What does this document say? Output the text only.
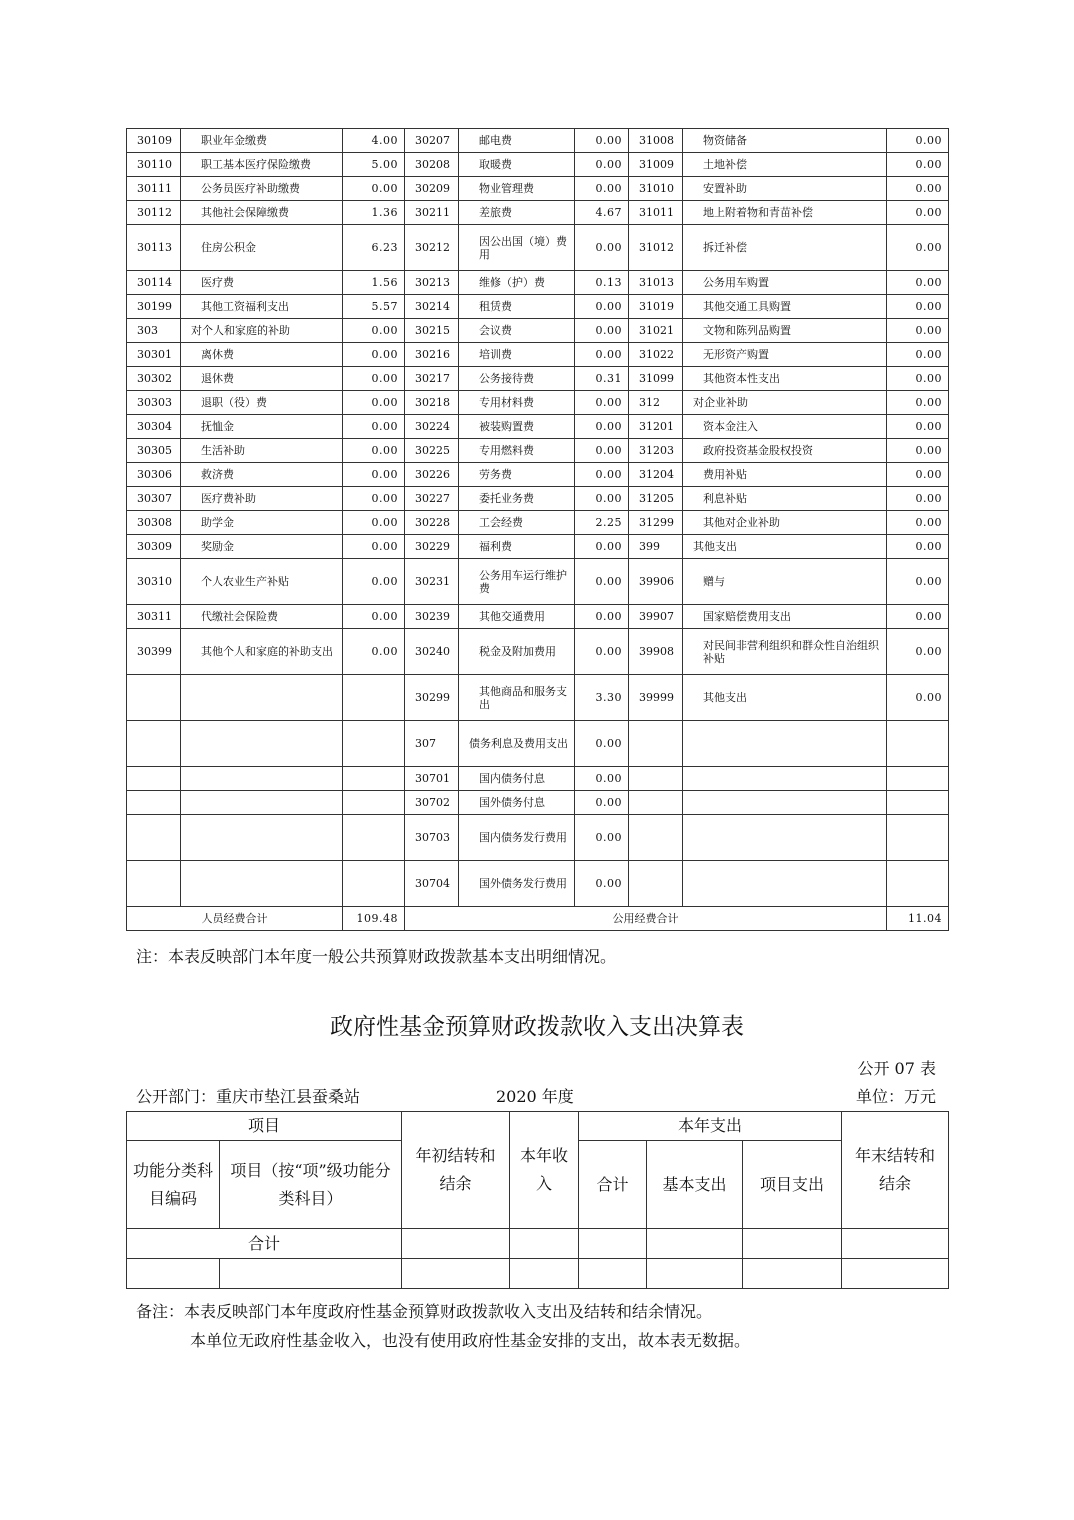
30109	职业年金缴费	4.00	30207	邮电费	0.00	31008	物资储备	0.00
30110	职工基本医疗保险缴费	5.00	30208	取暖费	0.00	31009	土地补偿	0.00
30111	公务员医疗补助缴费	0.00	30209	物业管理费	0.00	31010	安置补助	0.00
30112	其他社会保障缴费	1.36	30211	差旅费	4.67	31011	地上附着物和青苗补偿	0.00
30113	住房公积金	6.23	30212	因公出国（境）费用	0.00	31012	拆迁补偿	0.00
30114	医疗费	1.56	30213	维修（护）费	0.13	31013	公务用车购置	0.00
30199	其他工资福利支出	5.57	30214	租赁费	0.00	31019	其他交通工具购置	0.00
303	对个人和家庭的补助	0.00	30215	会议费	0.00	31021	文物和陈列品购置	0.00
30301	离休费	0.00	30216	培训费	0.00	31022	无形资产购置	0.00
30302	退休费	0.00	30217	公务接待费	0.31	31099	其他资本性支出	0.00
30303	退职（役）费	0.00	30218	专用材料费	0.00	312	对企业补助	0.00
30304	抚恤金	0.00	30224	被装购置费	0.00	31201	资本金注入	0.00
30305	生活补助	0.00	30225	专用燃料费	0.00	31203	政府投资基金股权投资	0.00
30306	救济费	0.00	30226	劳务费	0.00	31204	费用补贴	0.00
30307	医疗费补助	0.00	30227	委托业务费	0.00	31205	利息补贴	0.00
30308	助学金	0.00	30228	工会经费	2.25	31299	其他对企业补助	0.00
30309	奖励金	0.00	30229	福利费	0.00	399	其他支出	0.00
30310	个人农业生产补贴	0.00	30231	公务用车运行维护费	0.00	39906	赠与	0.00
30311	代缴社会保险费	0.00	30239	其他交通费用	0.00	39907	国家赔偿费用支出	0.00
30399	其他个人和家庭的补助支出	0.00	30240	税金及附加费用	0.00	39908	对民间非营利组织和群众性自治组织补贴	0.00
			30299	其他商品和服务支出	3.30	39999	其他支出	0.00
			307	债务利息及费用支出	0.00			
			30701	国内债务付息	0.00			
			30702	国外债务付息	0.00			
			30703	国内债务发行费用	0.00			
			30704	国外债务发行费用	0.00			
人员经费合计		109.48	公用经费合计					11.04
注：本表反映部门本年度一般公共预算财政拨款基本支出明细情况。
政府性基金预算财政拨款收入支出决算表
公开 07 表
公开部门：重庆市垫江县蚕桑站	2020 年度	单位：万元
项目		年初结转和结余	本年收入	本年支出			年末结转和结余
功能分类科目编码	项目（按“项”级功能分类科目）			合计	基本支出	项目支出	
合计							

备注：本表反映部门本年度政府性基金预算财政拨款收入支出及结转和结余情况。
本单位无政府性基金收入，也没有使用政府性基金安排的支出，故本表无数据。
